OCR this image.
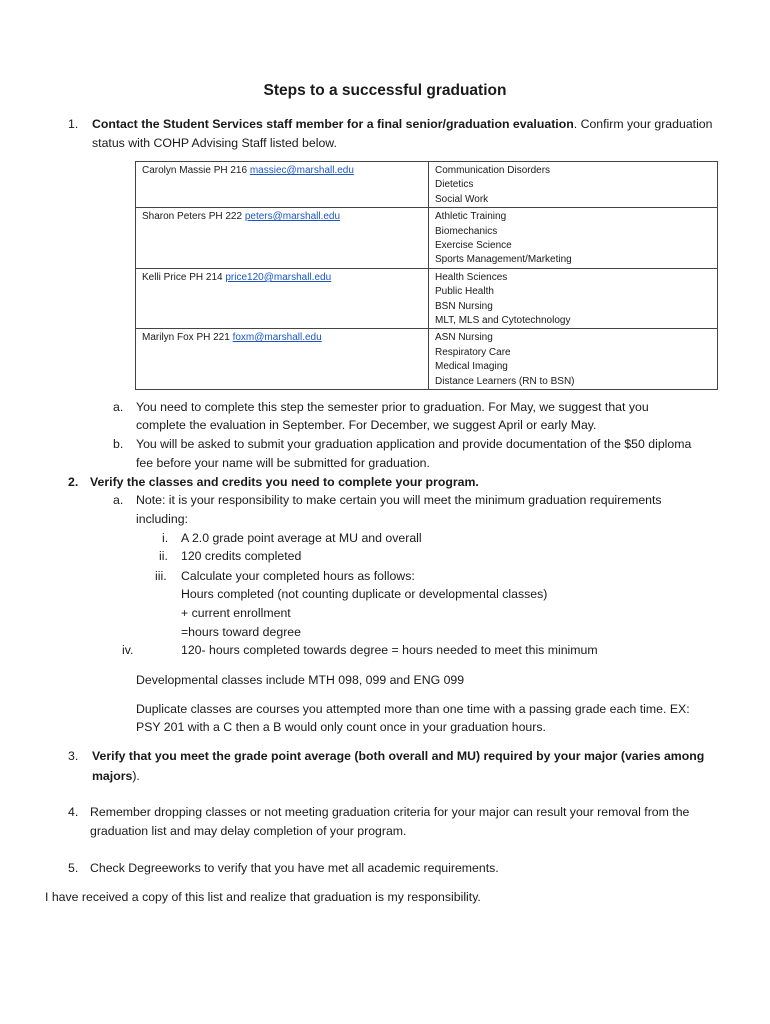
Steps to a successful graduation
1. Contact the Student Services staff member for a final senior/graduation evaluation. Confirm your graduation
status with COHP Advising Staff listed below.
Carolyn Massie PH 216 massiec@marshall.edu	Communication Disorders
Dietetics
Social Work

Sharon Peters PH 222 peters@marshall.edu	Athletic Training
Biomechanics
Exercise Science
Sports Management/Marketing

Kelli Price PH 214 price120@marshall.edu	Health Sciences
Public Health
BSN Nursing
MLT, MLS and Cytotechnology

Marilyn Fox PH 221 foxm@marshall.edu	ASN Nursing
Respiratory Care
Medical Imaging
Distance Learners (RN to BSN)
a. You need to complete this step the semester prior to graduation. For May, we suggest that you
complete the evaluation in September. For December, we suggest April or early May.
b. You will be asked to submit your graduation application and provide documentation of the $50 diploma
fee before your name will be submitted for graduation.
2. Verify the classes and credits you need to complete your program.
a. Note: it is your responsibility to make certain you will meet the minimum graduation requirements
including:
i. A 2.0 grade point average at MU and overall
ii. 120 credits completed
iii. Calculate your completed hours as follows:
Hours completed (not counting duplicate or developmental classes)
+ current enrollment
=hours toward degree
iv.	120- hours completed towards degree = hours needed to meet this minimum
Developmental classes include MTH 098, 099 and ENG 099
Duplicate classes are courses you attempted more than one time with a passing grade each time. EX:
PSY 201 with a C then a B would only count once in your graduation hours.
3. Verify that you meet the grade point average (both overall and MU) required by your major (varies among
majors).
4. Remember dropping classes or not meeting graduation criteria for your major can result your removal from the
graduation list and may delay completion of your program.
5. Check Degreeworks to verify that you have met all academic requirements.
I have received a copy of this list and realize that graduation is my responsibility.
